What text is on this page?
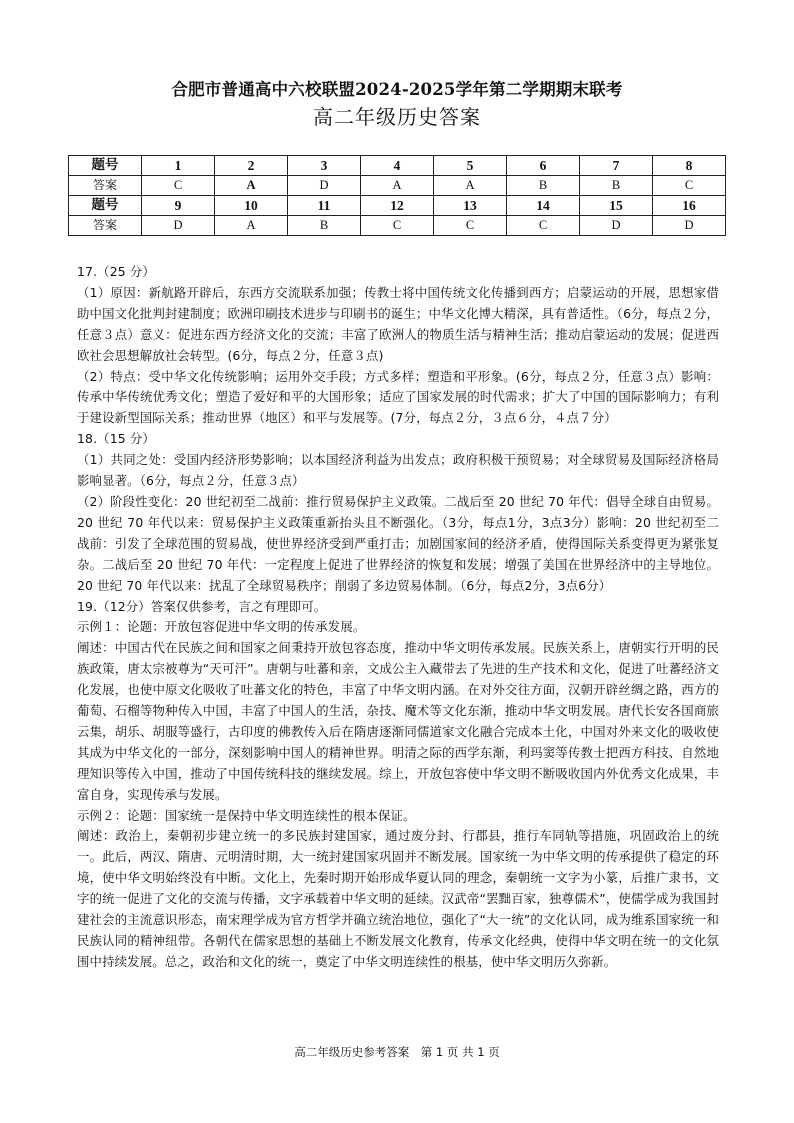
合肥市普通高中六校联盟2024-2025学年第二学期期末联考
高二年级历史答案
题号	1	2	3	4	5	6	7	8
答案	C	A	D	A	A	B	B	C
题号	9	10	11	12	13	14	15	16
答案	D	A	B	C	C	C	D	D

17.（25 分）

（1）原因：新航路开辟后，东西方交流联系加强；传教士将中国传统文化传播到西方；启蒙运动的开展，思想家借助中国文化批判封建制度；欧洲印刷技术进步与印刷书的诞生；中华文化博大精深，具有普适性。（6分，每点２分，任意３点）意义：促进东西方经济文化的交流；丰富了欧洲人的物质生活与精神生活；推动启蒙运动的发展；促进西欧社会思想解放社会转型。(6分，每点２分，任意３点)

（2）特点：受中华文化传统影响；运用外交手段；方式多样；塑造和平形象。(6分，每点２分，任意３点）影响：传承中华传统优秀文化；塑造了爱好和平的大国形象；适应了国家发展的时代需求；扩大了中国的国际影响力；有利于建设新型国际关系；推动世界（地区）和平与发展等。(7分，每点２分，３点６分，４点７分）

18.（15 分）

（1）共同之处：受国内经济形势影响；以本国经济利益为出发点；政府积极干预贸易；对全球贸易及国际经济格局影响显著。（6分，每点２分，任意３点）

（2）阶段性变化：20 世纪初至二战前：推行贸易保护主义政策。二战后至 20 世纪 70 年代：倡导全球自由贸易。20 世纪 70 年代以来：贸易保护主义政策重新抬头且不断强化。（3分，每点1分，3点3分）影响：20 世纪初至二战前：引发了全球范围的贸易战，使世界经济受到严重打击；加剧国家间的经济矛盾，使得国际关系变得更为紧张复杂。二战后至 20 世纪 70 年代：一定程度上促进了世界经济的恢复和发展；增强了美国在世界经济中的主导地位。20 世纪 70 年代以来：扰乱了全球贸易秩序；削弱了多边贸易体制。（6分，每点2分，3点6分）

19.（12分）答案仅供参考，言之有理即可。

示例１：论题：开放包容促进中华文明的传承发展。

阐述：中国古代在民族之间和国家之间秉持开放包容态度，推动中华文明传承发展。民族关系上，唐朝实行开明的民族政策，唐太宗被尊为“天可汗”。唐朝与吐蕃和亲，文成公主入藏带去了先进的生产技术和文化，促进了吐蕃经济文化发展，也使中原文化吸收了吐蕃文化的特色，丰富了中华文明内涵。在对外交往方面，汉朝开辟丝绸之路，西方的葡萄、石榴等物种传入中国，丰富了中国人的生活，杂技、魔术等文化东渐，推动中华文明发展。唐代长安各国商旅云集，胡乐、胡服等盛行，古印度的佛教传入后在隋唐逐渐同儒道家文化融合完成本土化，中国对外来文化的吸收使其成为中华文化的一部分，深刻影响中国人的精神世界。明清之际的西学东渐，利玛窦等传教士把西方科技、自然地理知识等传入中国，推动了中国传统科技的继续发展。综上，开放包容使中华文明不断吸收国内外优秀文化成果，丰富自身，实现传承与发展。

示例２：论题：国家统一是保持中华文明连续性的根本保证。

阐述：政治上，秦朝初步建立统一的多民族封建国家，通过废分封、行郡县，推行车同轨等措施，巩固政治上的统一。此后，两汉、隋唐、元明清时期，大一统封建国家巩固并不断发展。国家统一为中华文明的传承提供了稳定的环境，使中华文明始终没有中断。文化上，先秦时期开始形成华夏认同的理念，秦朝统一文字为小篆，后推广隶书，文字的统一促进了文化的交流与传播，文字承载着中华文明的延续。汉武帝“罢黜百家，独尊儒术”，使儒学成为我国封建社会的主流意识形态，南宋理学成为官方哲学并确立统治地位，强化了“大一统”的文化认同，成为维系国家统一和民族认同的精神纽带。各朝代在儒家思想的基础上不断发展文化教育，传承文化经典，使得中华文明在统一的文化氛围中持续发展。总之，政治和文化的统一，奠定了中华文明连续性的根基，使中华文明历久弥新。

高二年级历史参考答案　第 1 页 共 1 页
